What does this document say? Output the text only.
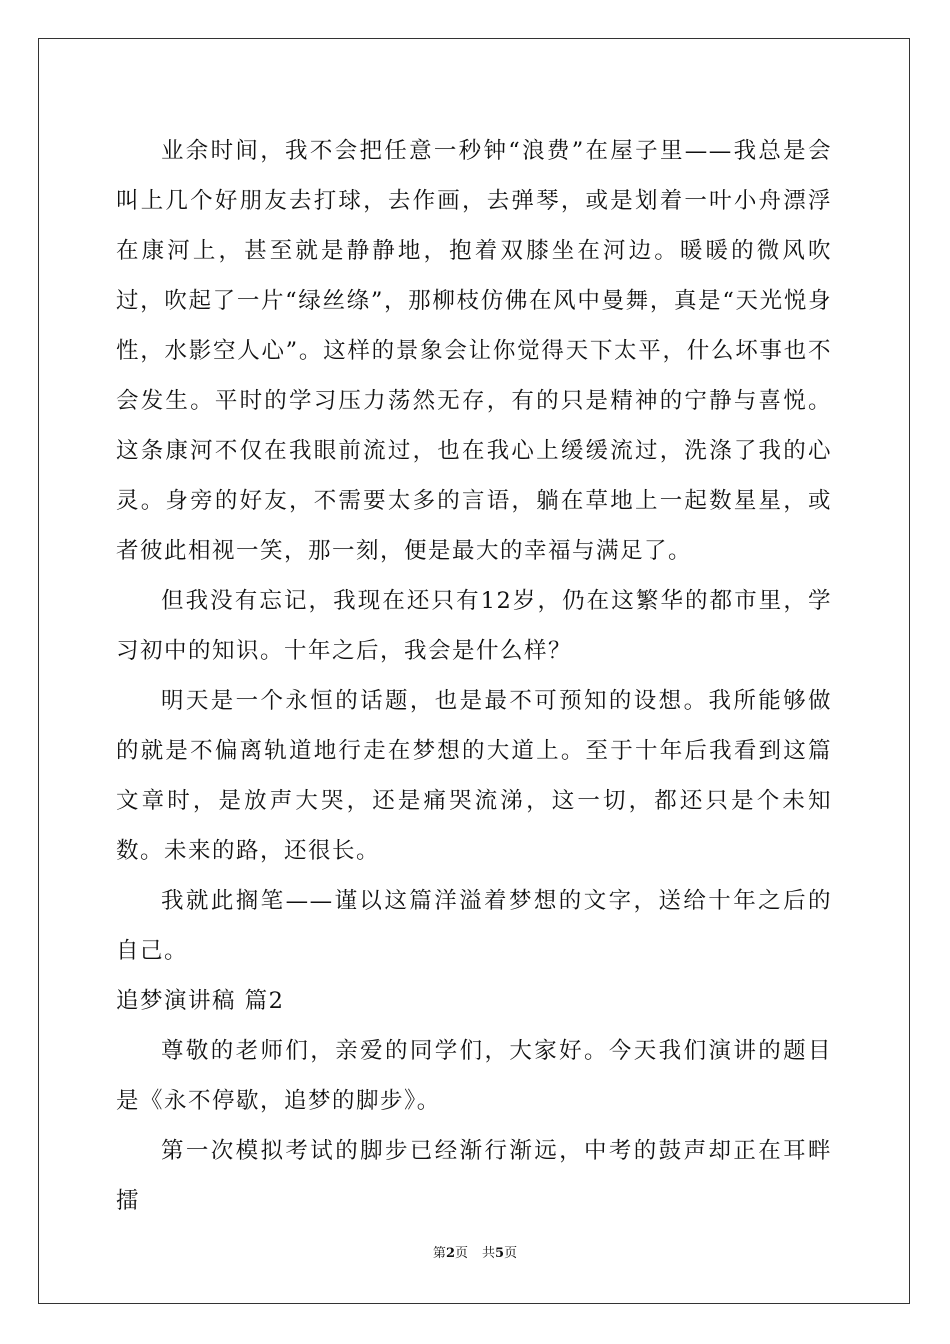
业余时间，我不会把任意一秒钟“浪费”在屋子里——我总是会叫上几个好朋友去打球，去作画，去弹琴，或是划着一叶小舟漂浮在康河上，甚至就是静静地，抱着双膝坐在河边。暖暖的微风吹过，吹起了一片“绿丝绦”，那柳枝仿佛在风中曼舞，真是“天光悦身性，水影空人心”。这样的景象会让你觉得天下太平，什么坏事也不会发生。平时的学习压力荡然无存，有的只是精神的宁静与喜悦。这条康河不仅在我眼前流过，也在我心上缓缓流过，洗涤了我的心灵。身旁的好友，不需要太多的言语，躺在草地上一起数星星，或者彼此相视一笑，那一刻，便是最大的幸福与满足了。

但我没有忘记，我现在还只有12岁，仍在这繁华的都市里，学习初中的知识。十年之后，我会是什么样？

明天是一个永恒的话题，也是最不可预知的设想。我所能够做的就是不偏离轨道地行走在梦想的大道上。至于十年后我看到这篇文章时，是放声大哭，还是痛哭流涕，这一切，都还只是个未知数。未来的路，还很长。

我就此搁笔——谨以这篇洋溢着梦想的文字，送给十年之后的自己。

追梦演讲稿 篇2

尊敬的老师们，亲爱的同学们，大家好。今天我们演讲的题目是《永不停歇，追梦的脚步》。

第一次模拟考试的脚步已经渐行渐远，中考的鼓声却正在耳畔擂

第2页 共5页
